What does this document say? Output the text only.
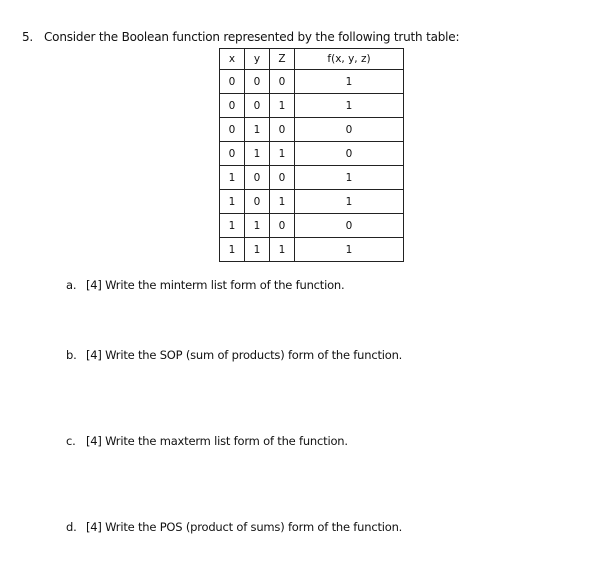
5. Consider the Boolean function represented by the following truth table:
x	y	Z	f(x, y, z)
0	0	0	1
0	0	1	1
0	1	0	0
0	1	1	0
1	0	0	1
1	0	1	1
1	1	0	0
1	1	1	1
a. [4] Write the minterm list form of the function.
b. [4] Write the SOP (sum of products) form of the function.
c. [4] Write the maxterm list form of the function.
d. [4] Write the POS (product of sums) form of the function.
